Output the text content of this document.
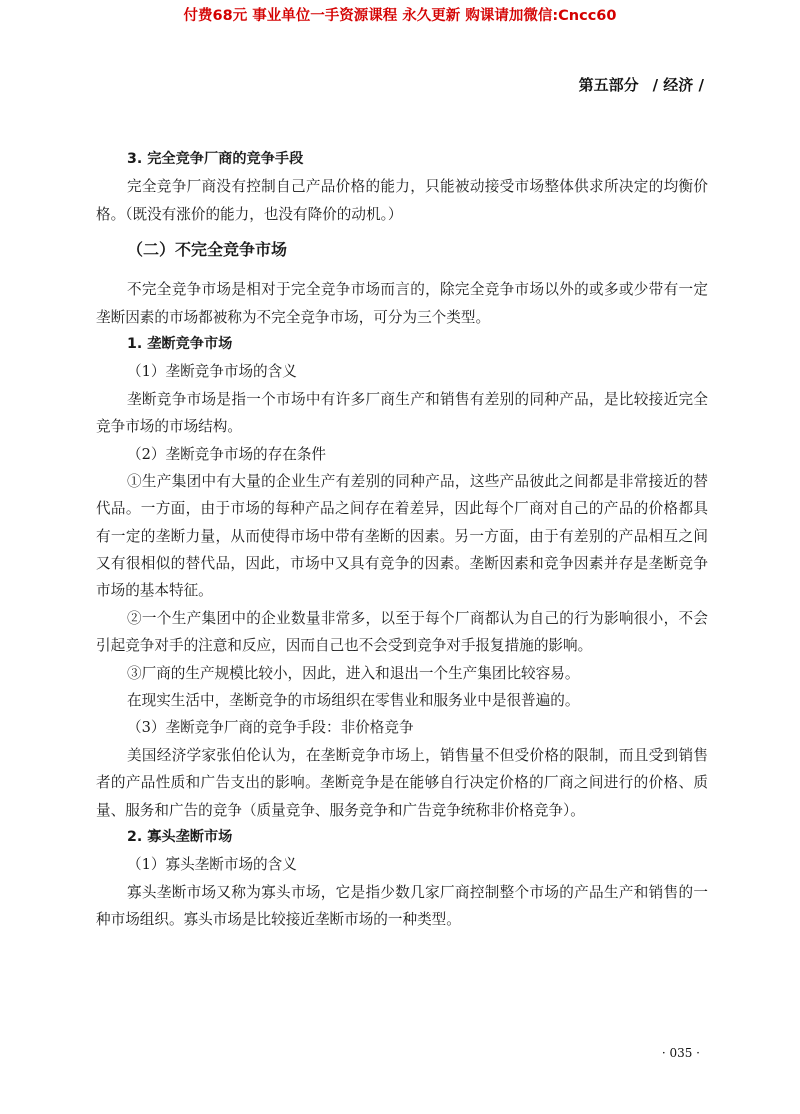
付费68元 事业单位一手资源课程 永久更新 购课请加微信:Cncc60
第五部分 / 经济 /
3. 完全竞争厂商的竞争手段
完全竞争厂商没有控制自己产品价格的能力，只能被动接受市场整体供求所决定的均衡价
格。（既没有涨价的能力，也没有降价的动机。）
（二）不完全竞争市场
不完全竞争市场是相对于完全竞争市场而言的，除完全竞争市场以外的或多或少带有一定
垄断因素的市场都被称为不完全竞争市场，可分为三个类型。
1. 垄断竞争市场
（1）垄断竞争市场的含义
垄断竞争市场是指一个市场中有许多厂商生产和销售有差别的同种产品，是比较接近完全
竞争市场的市场结构。
（2）垄断竞争市场的存在条件
①生产集团中有大量的企业生产有差别的同种产品，这些产品彼此之间都是非常接近的替
代品。一方面，由于市场的每种产品之间存在着差异，因此每个厂商对自己的产品的价格都具
有一定的垄断力量，从而使得市场中带有垄断的因素。另一方面，由于有差别的产品相互之间
又有很相似的替代品，因此，市场中又具有竞争的因素。垄断因素和竞争因素并存是垄断竞争
市场的基本特征。
②一个生产集团中的企业数量非常多，以至于每个厂商都认为自己的行为影响很小，不会
引起竞争对手的注意和反应，因而自己也不会受到竞争对手报复措施的影响。
③厂商的生产规模比较小，因此，进入和退出一个生产集团比较容易。
在现实生活中，垄断竞争的市场组织在零售业和服务业中是很普遍的。
（3）垄断竞争厂商的竞争手段：非价格竞争
美国经济学家张伯伦认为，在垄断竞争市场上，销售量不但受价格的限制，而且受到销售
者的产品性质和广告支出的影响。垄断竞争是在能够自行决定价格的厂商之间进行的价格、质
量、服务和广告的竞争（质量竞争、服务竞争和广告竞争统称非价格竞争）。
2. 寡头垄断市场
（1）寡头垄断市场的含义
寡头垄断市场又称为寡头市场，它是指少数几家厂商控制整个市场的产品生产和销售的一
种市场组织。寡头市场是比较接近垄断市场的一种类型。
· 035 ·
